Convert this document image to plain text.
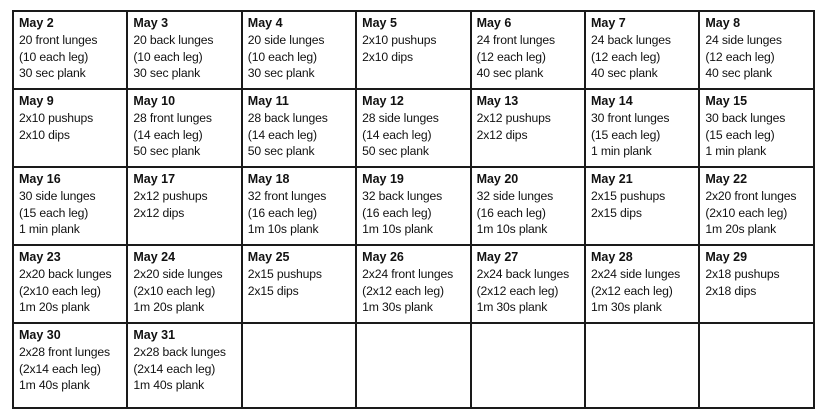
May 2
20 front lunges
(10 each leg)
30 sec plank	May 3
20 back lunges
(10 each leg)
30 sec plank	May 4
20 side lunges
(10 each leg)
30 sec plank	May 5
2x10 pushups
2x10 dips	May 6
24 front lunges
(12 each leg)
40 sec plank	May 7
24 back lunges
(12 each leg)
40 sec plank	May 8
24 side lunges
(12 each leg)
40 sec plank

May 9
2x10 pushups
2x10 dips	May 10
28 front lunges
(14 each leg)
50 sec plank	May 11
28 back lunges
(14 each leg)
50 sec plank	May 12
28 side lunges
(14 each leg)
50 sec plank	May 13
2x12 pushups
2x12 dips	May 14
30 front lunges
(15 each leg)
1 min plank	May 15
30 back lunges
(15 each leg)
1 min plank

May 16
30 side lunges
(15 each leg)
1 min plank	May 17
2x12 pushups
2x12 dips	May 18
32 front lunges
(16 each leg)
1m 10s plank	May 19
32 back lunges
(16 each leg)
1m 10s plank	May 20
32 side lunges
(16 each leg)
1m 10s plank	May 21
2x15 pushups
2x15 dips	May 22
2x20 front lunges
(2x10 each leg)
1m 20s plank

May 23
2x20 back lunges
(2x10 each leg)
1m 20s plank	May 24
2x20 side lunges
(2x10 each leg)
1m 20s plank	May 25
2x15 pushups
2x15 dips	May 26
2x24 front lunges
(2x12 each leg)
1m 30s plank	May 27
2x24 back lunges
(2x12 each leg)
1m 30s plank	May 28
2x24 side lunges
(2x12 each leg)
1m 30s plank	May 29
2x18 pushups
2x18 dips

May 30
2x28 front lunges
(2x14 each leg)
1m 40s plank	May 31
2x28 back lunges
(2x14 each leg)
1m 40s plank					
